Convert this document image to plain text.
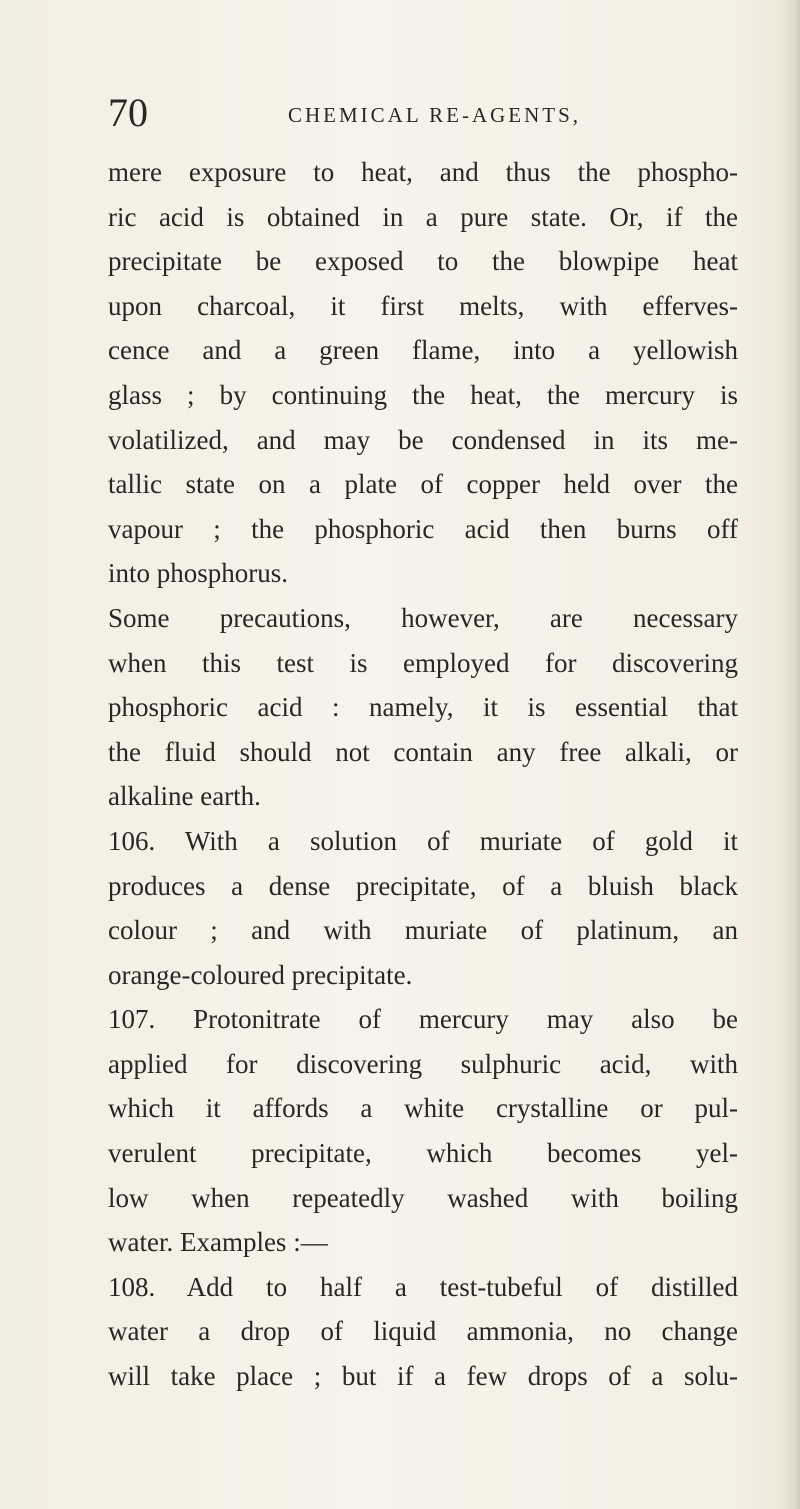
70	CHEMICAL RE-AGENTS,
mere exposure to heat, and thus the phospho-
ric acid is obtained in a pure state. Or, if the
precipitate be exposed to the blowpipe heat
upon charcoal, it first melts, with efferves-
cence and a green flame, into a yellowish
glass ; by continuing the heat, the mercury is
volatilized, and may be condensed in its me-
tallic state on a plate of copper held over the
vapour ; the phosphoric acid then burns off
into phosphorus.
Some precautions, however, are necessary
when this test is employed for discovering
phosphoric acid : namely, it is essential that
the fluid should not contain any free alkali, or
alkaline earth.
106. With a solution of muriate of gold it
produces a dense precipitate, of a bluish black
colour ; and with muriate of platinum, an
orange-coloured precipitate.
107. Protonitrate of mercury may also be
applied for discovering sulphuric acid, with
which it affords a white crystalline or pul-
verulent precipitate, which becomes yel-
low when repeatedly washed with boiling
water. Examples :—
108. Add to half a test-tubeful of distilled
water a drop of liquid ammonia, no change
will take place ; but if a few drops of a solu-
